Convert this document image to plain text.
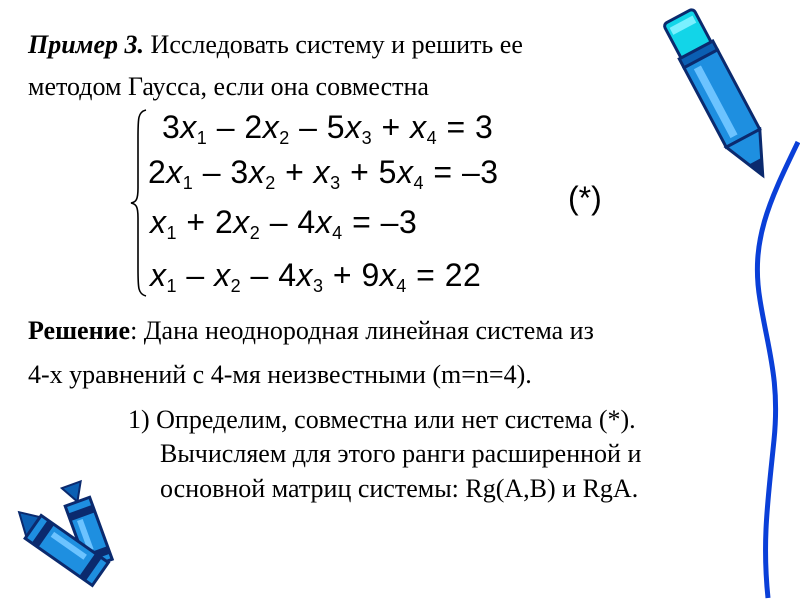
Пример 3. Исследовать систему и решить ее
методом Гаусса, если она совместна
$3x_1 - 2x_2 - 5x_3 + x_4 = 3$
$2x_1 - 3x_2 + x_3 + 5x_4 = -3$
$x_1 + 2x_2 - 4x_4 = -3$
$x_1 - x_2 - 4x_3 + 9x_4 = 22$
(*)
Решение: Дана неоднородная линейная система из
4-х уравнений с 4-мя неизвестными (m=n=4).
1) Определим, совместна или нет система (*).
Вычисляем для этого ранги расширенной и
основной матриц системы: Rg(A,B) и RgA.
